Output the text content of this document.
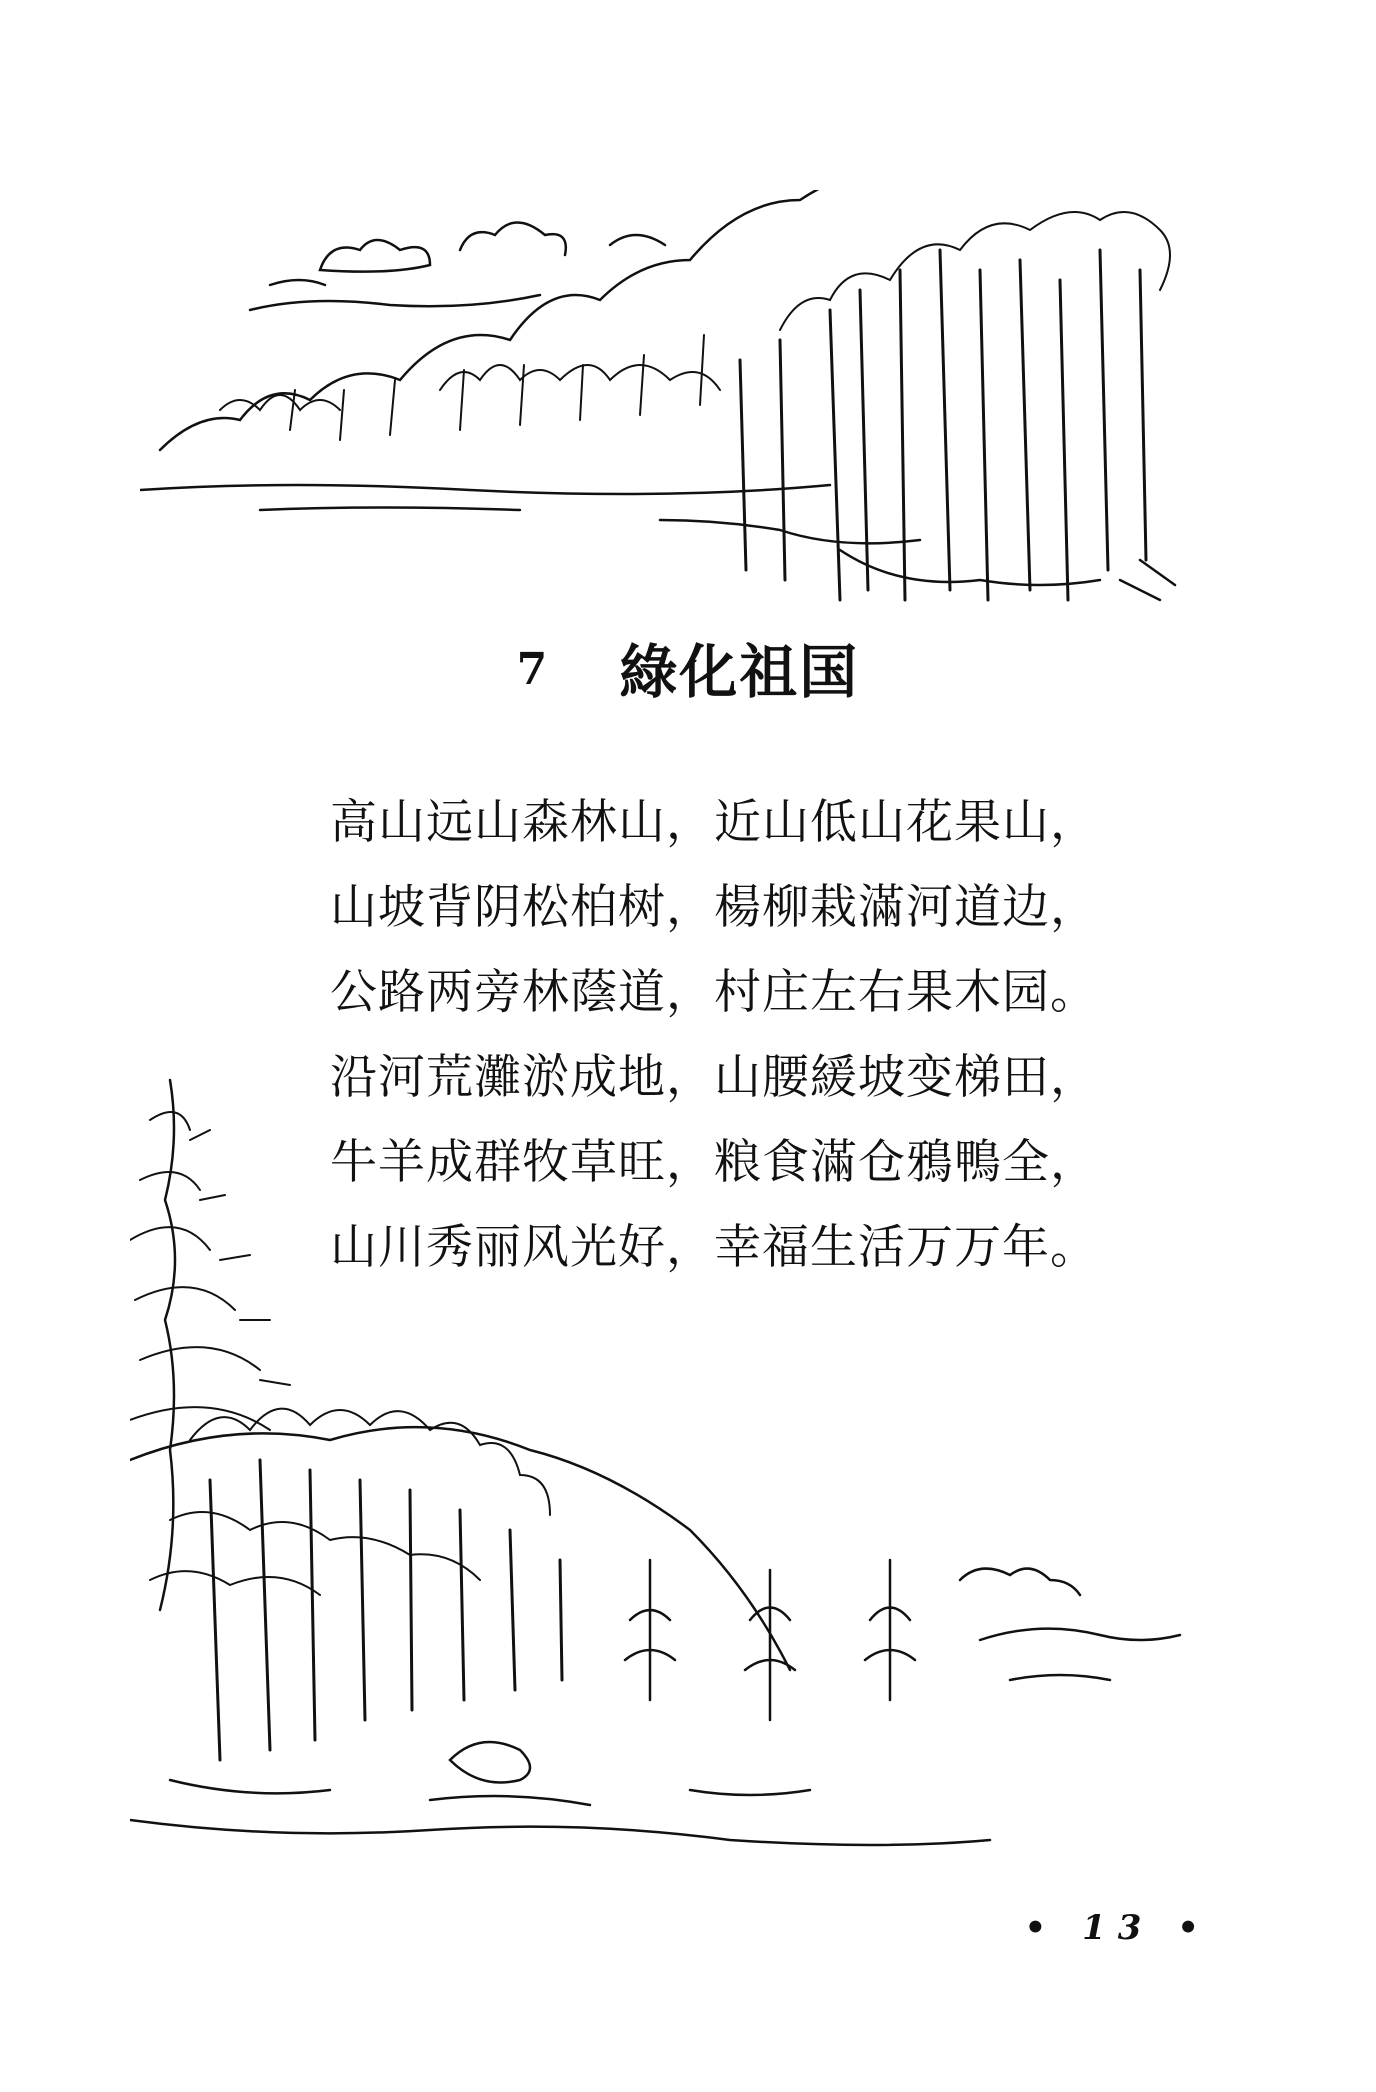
7 綠化祖国
高山远山森林山，近山低山花果山，
山坡背阴松柏树，楊柳栽滿河道边，
公路两旁林蔭道，村庄左右果木园。
沿河荒灘淤成地，山腰緩坡变梯田，
牛羊成群牧草旺，粮食滿仓鴉鴨全，
山川秀丽风光好，幸福生活万万年。
• 13 •
